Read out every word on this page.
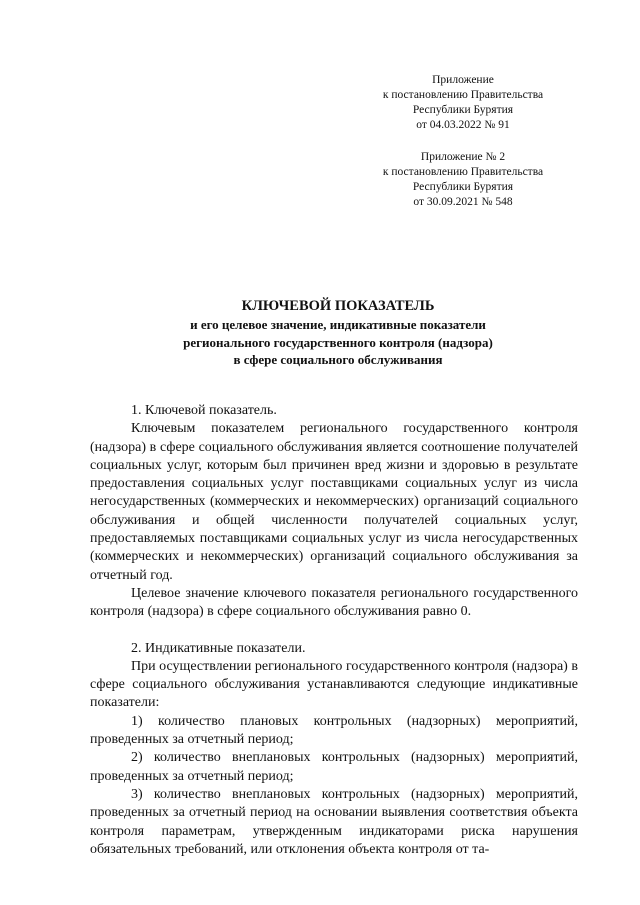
Приложение
к постановлению Правительства
Республики Бурятия
от 04.03.2022 № 91
Приложение № 2
к постановлению Правительства
Республики Бурятия
от 30.09.2021 № 548
КЛЮЧЕВОЙ ПОКАЗАТЕЛЬ
и его целевое значение, индикативные показатели
регионального государственного контроля (надзора)
в сфере социального обслуживания

1. Ключевой показатель.

Ключевым показателем регионального государственного контроля (надзора) в сфере социального обслуживания является соотношение получателей социальных услуг, которым был причинен вред жизни и здоровью в результате предоставления социальных услуг поставщиками социальных услуг из числа негосударственных (коммерческих и некоммерческих) организаций социального обслуживания и общей численности получателей социальных услуг, предоставляемых поставщиками социальных услуг из числа негосударственных (коммерческих и некоммерческих) организаций социального обслуживания за отчетный год.

Целевое значение ключевого показателя регионального государственного контроля (надзора) в сфере социального обслуживания равно 0.

2. Индикативные показатели.

При осуществлении регионального государственного контроля (надзора) в сфере социального обслуживания устанавливаются следующие индикативные показатели:

1) количество плановых контрольных (надзорных) мероприятий, проведенных за отчетный период;

2) количество внеплановых контрольных (надзорных) мероприятий, проведенных за отчетный период;

3) количество внеплановых контрольных (надзорных) мероприятий, проведенных за отчетный период на основании выявления соответствия объекта контроля параметрам, утвержденным индикаторами риска нарушения обязательных требований, или отклонения объекта контроля от та-
